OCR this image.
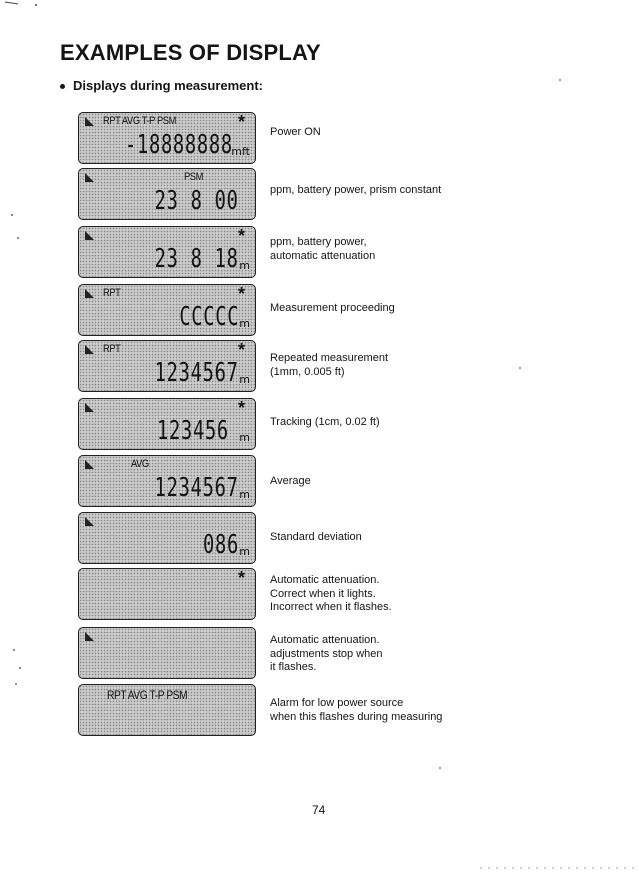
EXAMPLES OF DISPLAY
Displays during measurement:
RPT AVG T-P PSM	*
-18888888
mft
Power ON
PSM
23 8 00	ppm, battery power, prism constant
*
23 8 18 m
ppm, battery power,
automatic attenuation
RPT	*
CCCCC m
Measurement proceeding
RPT	*
1234567 m
Repeated measurement
(1mm, 0.005 ft)
*
123456 m
Tracking (1cm, 0.02 ft)
AVG
1234567 m
Average
086 m
Standard deviation
* Automatic attenuation.
Correct when it lights.
Incorrect when it flashes.
Automatic attenuation.
adjustments stop when
it flashes.
RPT AVG T-P PSM
Alarm for low power source
when this flashes during measuring
74
